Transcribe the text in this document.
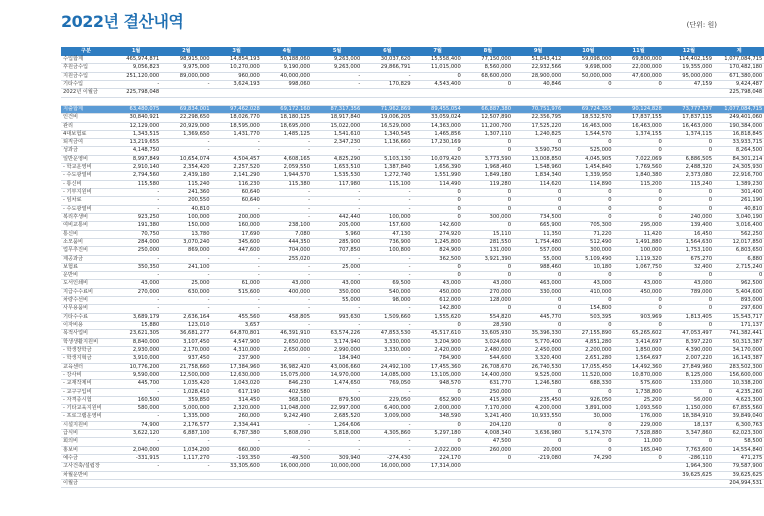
2022년 결산내역	(단위: 원)
구분	1월	2월	3월	4월	5월	6월	7월	8월	9월	10월	11월	12월	계	
수입합계	465,974,871	98,915,000	14,854,193	50,188,060	9,263,000	30,037,620	15,558,400	77,150,000	51,843,412	59,098,000	69,800,000	114,402,159	1,077,084,715	
후원금수입	9,056,823	9,975,000	10,270,000	9,190,000	9,263,000	29,866,791	11,015,000	8,560,000	22,932,566	9,698,000	22,000,000	19,355,000	170,482,180	
지원금수입	251,120,000	89,000,000	960,000	40,000,000	-	-	0	68,600,000	28,900,000	50,000,000	47,600,000	95,000,000	671,380,000	
기타수입	-	-	3,624,193	998,060	-	170,829	4,543,400	0	40,846	0	0	47,159	9,424,487	
2022년 이월금	225,798,048												225,798,048	

지출합계	63,480,075	69,834,001	97,462,028	69,172,160	87,317,356	71,962,869	89,455,054	66,887,380	70,751,976	69,724,355	90,124,828	73,777,177	1,077,084,715	
인건비	30,840,921	22,298,650	18,026,770	18,180,125	18,917,840	19,006,205	33,059,024	12,507,890	22,356,795	18,532,570	17,837,155	17,837,115	249,401,060	
관리	12,129,000	20,929,000	18,595,000	18,695,000	15,022,000	16,529,000	14,363,000	11,200,700	17,525,220	16,463,000	16,463,000	16,463,000	190,384,000	
4대보험료	1,343,515	1,369,650	1,431,770	1,485,125	1,541,610	1,340,545	1,465,856	1,307,110	1,240,825	1,544,570	1,374,155	1,374,115	16,818,845	
퇴직금여	13,219,655	-	-	-	2,347,230	1,136,660	17,230,169	0	0	0	0	0	33,933,715	
성과금	4,148,750	-	-	-	-	-	0	0	3,590,750	525,000	0	0	8,264,500	
일반운영비	8,997,849	10,654,074	4,504,457	4,608,165	4,825,290	5,103,130	10,079,420	3,773,590	13,008,850	4,045,905	7,022,069	6,886,505	84,301,214	
- 학교운영비	2,910,140	2,354,420	2,257,520	2,059,550	1,653,510	1,387,840	1,656,390	1,968,460	1,548,960	1,454,840	1,769,560	2,488,320	24,305,930	
- 수도광열비	2,794,560	2,439,180	2,141,290	1,944,570	1,535,530	1,272,740	1,551,990	1,849,180	1,834,340	1,339,950	1,840,380	2,373,080	22,916,700	
- 통신비	115,580	115,240	116,230	115,380	117,980	115,100	114,490	119,280	114,620	114,890	115,200	115,240	1,389,230	
- 기부지원비	-	241,360	60,640	-	-	-	0	0	0	0	0	0	301,400	
- 임차료	-	200,550	60,640	-	-	-	0	0	0	0	0	0	261,190	
- 수도광열비	-	40,810	-	-	-	-	0	0	0	0	0	0	40,810	
복리후생비	923,250	100,000	200,000	-	442,440	100,000	0	300,000	734,500	0	0	240,000	3,040,190	
여비교통비	191,380	150,000	160,000	238,100	205,000	157,600	142,600	0	665,900	705,300	295,000	139,400	3,016,400	
통신비	70,750	13,780	17,690	7,080	5,960	47,130	274,920	15,110	11,350	71,220	11,420	16,450	562,250	
소모품비	284,000	3,070,240	345,600	444,350	285,900	736,900	1,245,800	281,550	1,754,480	512,490	1,491,880	1,564,630	12,017,850	
업무추진비	250,000	869,000	447,600	704,000	707,850	100,800	824,900	131,000	557,000	300,000	100,000	1,753,100	6,803,650	
제공과금	-	-	-	255,020	-	-	362,500	3,921,390	55,000	5,109,490	1,119,320	675,270	6,880	
보험료	350,350	241,100	-	-	25,000	-	0	0	988,460	10,180	1,067,750	32,400	2,715,240	
운반비	-	-	-	-	-	-	0	0	0	0	0	0	0	
도서인쇄비	43,000	25,000	61,000	43,000	43,000	69,500	43,000	43,000	463,000	43,000	43,000	43,000	962,500	
지급수수료비	270,000	630,000	515,600	400,000	350,000	540,000	450,000	270,000	330,000	410,000	450,000	789,000	5,404,600	
차량수선비	-	-	-	-	55,000	98,000	612,000	128,000	0	0	0	0	893,000	
사무용품비	-	-	-	-	-	-	142,800	0	0	154,800	0	0	297,600	
기타수수료	3,689,179	2,636,164	455,560	458,805	993,630	1,509,660	1,555,620	554,820	445,770	503,395	903,969	1,813,405	15,543,717	
이자비용	15,880	123,010	3,657	-	-	-	0	28,590	0	0	0	0	171,137	
목적사업비	23,621,305	36,681,277	64,870,801	46,391,910	63,574,226	47,853,530	45,517,610	33,605,930	35,396,330	27,155,890	65,265,602	47,053,497	741,382,441	
학생생활지원비	8,840,000	3,107,450	4,547,900	2,650,000	3,174,940	3,330,000	3,204,900	3,024,600	5,770,400	4,851,280	3,414,697	8,397,220	50,313,387	
- 학생장학금	2,930,000	2,170,000	4,310,000	2,650,000	2,990,000	3,330,000	2,420,000	2,480,000	2,450,000	2,200,000	1,850,000	4,390,000	34,170,000	
- 학생지혁금	3,910,000	937,450	237,900	-	184,940	-	784,900	544,600	3,320,400	2,651,280	1,564,697	2,007,220	16,143,387	
교육센터	10,776,200	21,758,660	17,384,960	36,982,420	43,006,660	24,492,100	17,455,360	26,708,670	26,740,530	17,055,450	14,492,360	27,849,960	283,502,300	
- 강사비	9,590,000	12,500,000	12,630,000	15,075,000	14,970,000	14,085,000	13,105,000	14,400,000	9,525,000	11,520,000	10,870,000	8,125,000	156,600,000	
- 교재작제비	445,700	1,035,420	1,043,020	846,230	1,474,650	769,050	948,570	631,770	1,246,580	688,330	575,600	133,000	10,338,200	
- 교구구입비	-	1,028,410	617,190	402,580	-	-	0	250,000	0	0	1,738,800	0	4,235,260	
- 자격증시험	160,500	359,850	314,450	368,100	879,500	229,050	652,900	415,900	235,450	926,050	25,200	56,000	4,623,300	
- 기타교육지원비	580,000	5,000,000	2,320,000	11,048,000	22,997,000	6,400,000	2,000,000	7,170,000	4,200,000	3,891,000	1,093,560	1,150,000	67,855,560	
- 프로그램운영비	-	1,335,000	260,000	9,242,490	2,685,520	3,009,000	348,590	3,241,400	10,933,550	30,000	176,000	18,384,910	39,849,040	
시설지원비	74,900	2,176,577	2,334,441	-	1,264,606	-	0	204,120	0	0	229,000	18,137	6,300,763	
급식비	3,622,120	6,887,100	6,787,380	5,808,090	5,818,000	4,305,860	5,297,180	4,008,340	3,636,980	5,174,370	7,528,880	3,347,860	62,023,300	
회의비	-	-	-	-	-	-	0	47,500	0	0	11,000	0	58,500	
홍보비	2,040,000	1,034,200	660,000	-	-	-	2,022,000	260,000	20,000	0	165,040	7,763,600	14,554,840	
예수금	-331,915	1,117,270	-193,350	-49,500	309,940	-274,430	224,170	0	-219,080	74,290	0	-286,110	471,275	
고사건축/설립장	-	-	33,305,600	16,000,000	10,000,000	16,000,000	17,314,000					1,964,300	79,587,900	
차월운반비												39,625,625	39,625,625	
이월금													204,994,531	
